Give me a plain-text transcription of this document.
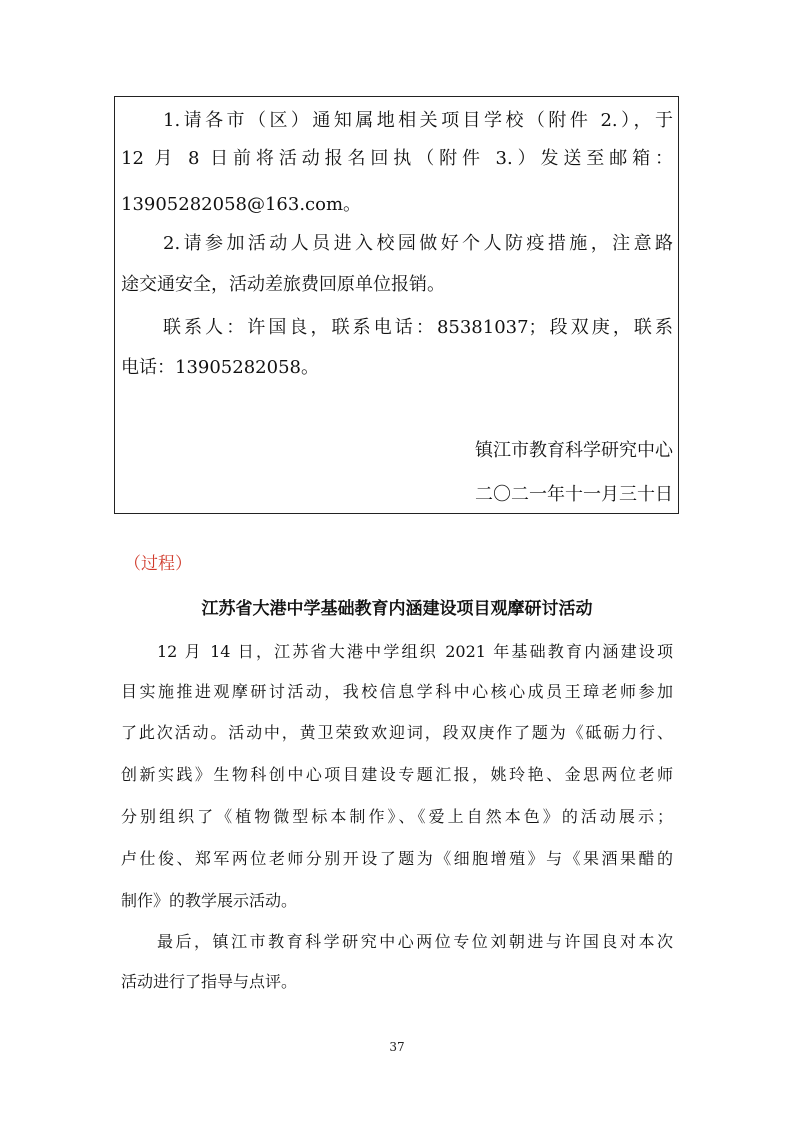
1.请各市（区）通知属地相关项目学校（附件 2.），于

12 月 8 日前将活动报名回执（附件 3.）发送至邮箱：

13905282058@163.com。

2.请参加活动人员进入校园做好个人防疫措施，注意路

途交通安全，活动差旅费回原单位报销。

联系人：许国良，联系电话：85381037；段双庚，联系

电话：13905282058。

镇江市教育科学研究中心

二〇二一年十一月三十日

（过程）

江苏省大港中学基础教育内涵建设项目观摩研讨活动

12 月 14 日，江苏省大港中学组织 2021 年基础教育内涵建设项

目实施推进观摩研讨活动，我校信息学科中心核心成员王璋老师参加

了此次活动。活动中，黄卫荣致欢迎词，段双庚作了题为《砥砺力行、

创新实践》生物科创中心项目建设专题汇报，姚玲艳、金思两位老师

分别组织了《植物微型标本制作》、《爱上自然本色》的活动展示；

卢仕俊、郑军两位老师分别开设了题为《细胞增殖》与《果酒果醋的

制作》的教学展示活动。

最后，镇江市教育科学研究中心两位专位刘朝进与许国良对本次

活动进行了指导与点评。

37
